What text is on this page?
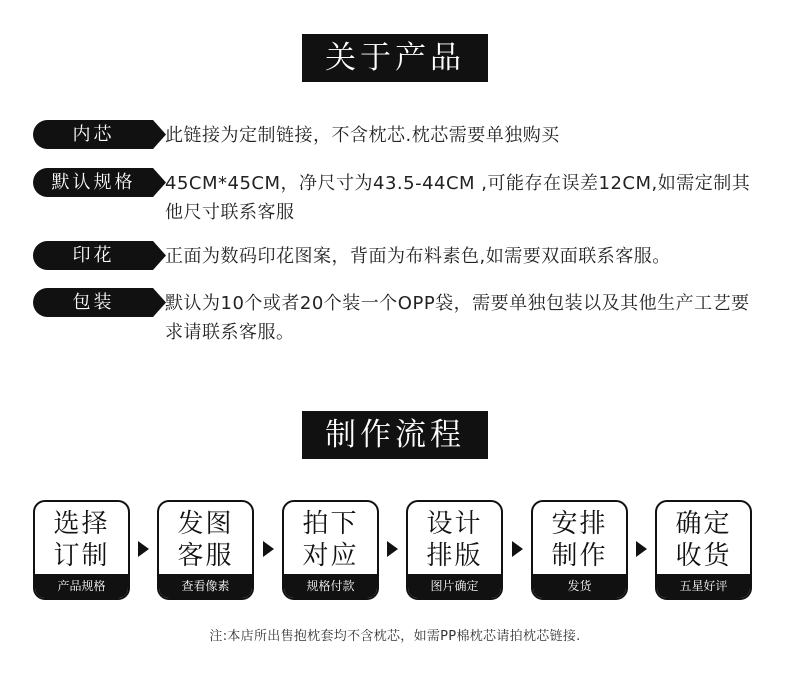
关于产品
内芯	此链接为定制链接，不含枕芯.枕芯需要单独购买
默认规格	45CM*45CM，净尺寸为43.5-44CM ,可能存在误差12CM,如需定制其他尺寸联系客服
印花	正面为数码印花图案，背面为布料素色,如需要双面联系客服。
包装	默认为10个或者20个装一个OPP袋，需要单独包装以及其他生产工艺要求请联系客服。
制作流程
选择
订制
产品规格
发图
客服
查看像素
拍下
对应
规格付款
设计
排版
图片确定
安排
制作
发货
确定
收货
五星好评
注:本店所出售抱枕套均不含枕芯，如需PP棉枕芯请拍枕芯链接.
